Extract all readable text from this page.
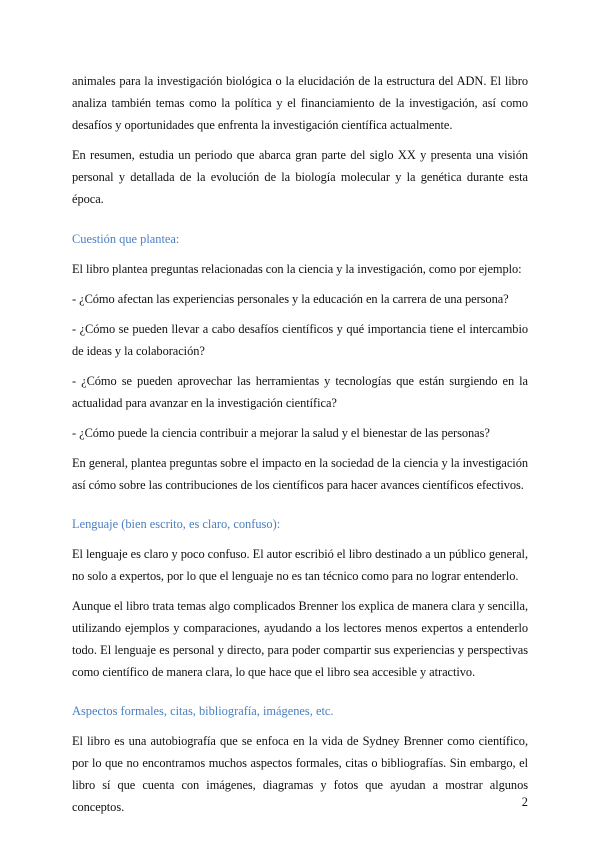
animales para la investigación biológica o la elucidación de la estructura del ADN. El libro analiza también temas como la política y el financiamiento de la investigación, así como desafíos y oportunidades que enfrenta la investigación científica actualmente.

En resumen, estudia un periodo que abarca gran parte del siglo XX y presenta una visión personal y detallada de la evolución de la biología molecular y la genética durante esta época.

Cuestión que plantea:

El libro plantea preguntas relacionadas con la ciencia y la investigación, como por ejemplo:

- ¿Cómo afectan las experiencias personales y la educación en la carrera de una persona?

- ¿Cómo se pueden llevar a cabo desafíos científicos y qué importancia tiene el intercambio de ideas y la colaboración?

- ¿Cómo se pueden aprovechar las herramientas y tecnologías que están surgiendo en la actualidad para avanzar en la investigación científica?

- ¿Cómo puede la ciencia contribuir a mejorar la salud y el bienestar de las personas?

En general, plantea preguntas sobre el impacto en la sociedad de la ciencia y la investigación así cómo sobre las contribuciones de los científicos para hacer avances científicos efectivos.

Lenguaje (bien escrito, es claro, confuso):

El lenguaje es claro y poco confuso. El autor escribió el libro destinado a un público general, no solo a expertos, por lo que el lenguaje no es tan técnico como para no lograr entenderlo.

Aunque el libro trata temas algo complicados Brenner los explica de manera clara y sencilla, utilizando ejemplos y comparaciones, ayudando a los lectores menos expertos a entenderlo todo. El lenguaje es personal y directo, para poder compartir sus experiencias y perspectivas como científico de manera clara, lo que hace que el libro sea accesible y atractivo.

Aspectos formales, citas, bibliografía, imágenes, etc.

El libro es una autobiografía que se enfoca en la vida de Sydney Brenner como científico, por lo que no encontramos muchos aspectos formales, citas o bibliografías. Sin embargo, el libro sí que cuenta con imágenes, diagramas y fotos que ayudan a mostrar algunos conceptos.	2
